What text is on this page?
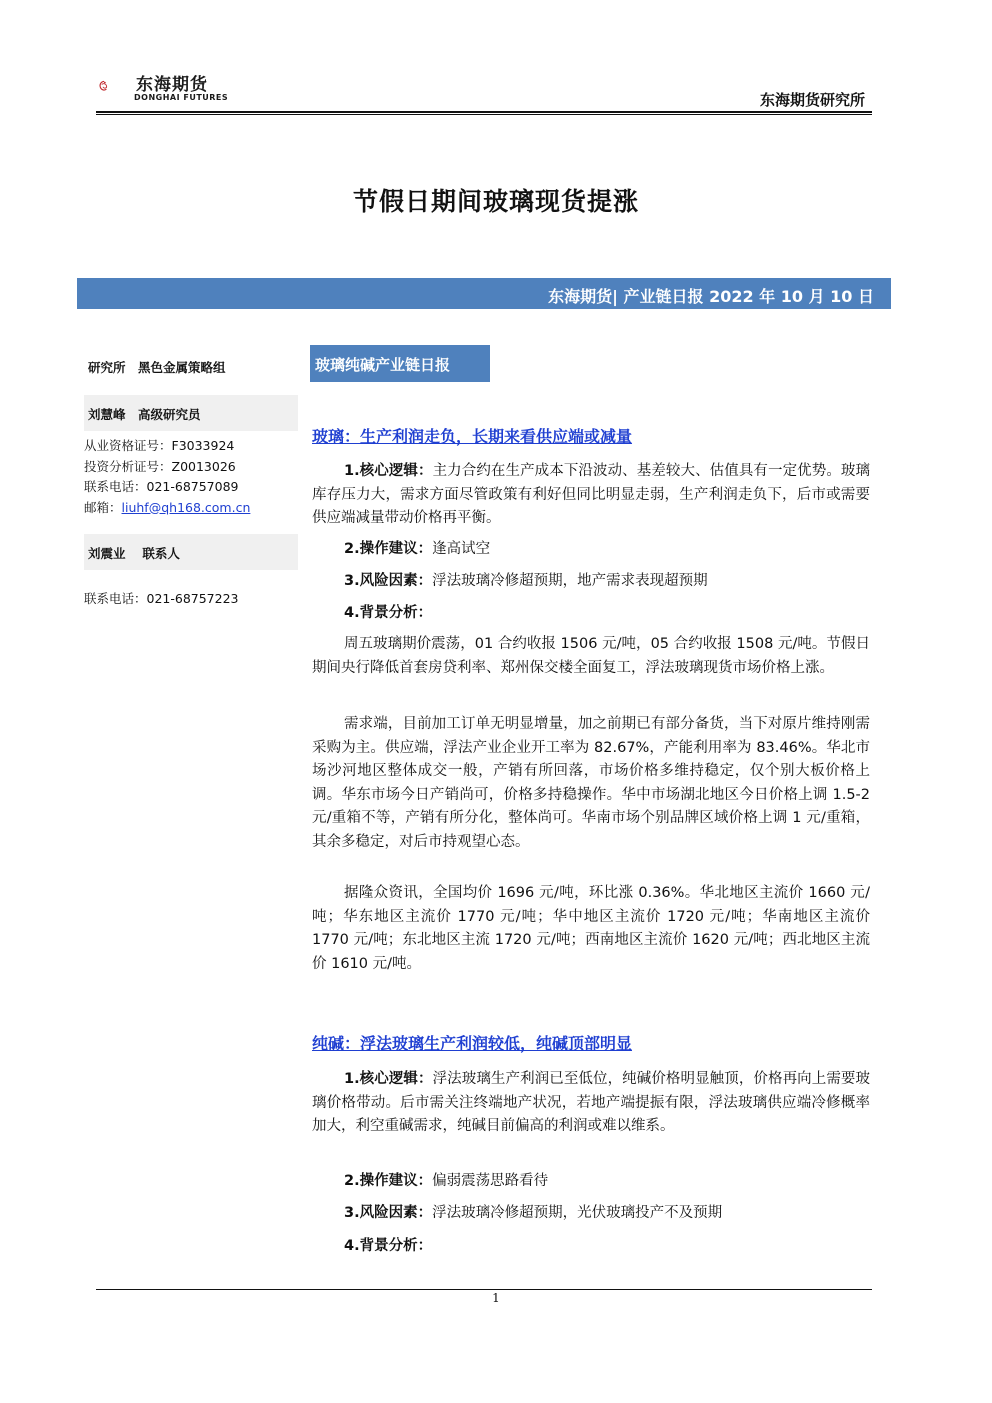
东海期货
DONGHAI FUTURES	东海期货研究所
节假日期间玻璃现货提涨
东海期货| 产业链日报 2022 年 10 月 10 日
研究所　黑色金属策略组
刘慧峰　高级研究员
从业资格证号：F3033924
投资分析证号：Z0013026
联系电话：021-68757089
邮箱：liuhf@qh168.com.cn
刘震业　 联系人
联系电话：021-68757223
玻璃纯碱产业链日报
玻璃：生产利润走负，长期来看供应端或减量
1.核心逻辑：主力合约在生产成本下沿波动、基差较大、估值具有一定优势。玻璃库存压力大，需求方面尽管政策有利好但同比明显走弱，生产利润走负下，后市或需要供应端减量带动价格再平衡。
2.操作建议：逢高试空
3.风险因素：浮法玻璃冷修超预期，地产需求表现超预期
4.背景分析：
周五玻璃期价震荡，01 合约收报 1506 元/吨，05 合约收报 1508 元/吨。节假日期间央行降低首套房贷利率、郑州保交楼全面复工，浮法玻璃现货市场价格上涨。
需求端，目前加工订单无明显增量，加之前期已有部分备货，当下对原片维持刚需采购为主。供应端，浮法产业企业开工率为 82.67%，产能利用率为 83.46%。华北市场沙河地区整体成交一般，产销有所回落，市场价格多维持稳定，仅个别大板价格上调。华东市场今日产销尚可，价格多持稳操作。华中市场湖北地区今日价格上调 1.5-2 元/重箱不等，产销有所分化，整体尚可。华南市场个别品牌区域价格上调 1 元/重箱，其余多稳定，对后市持观望心态。
据隆众资讯，全国均价 1696 元/吨，环比涨 0.36%。华北地区主流价 1660 元/吨；华东地区主流价 1770 元/吨；华中地区主流价 1720 元/吨；华南地区主流价 1770 元/吨；东北地区主流 1720 元/吨；西南地区主流价 1620 元/吨；西北地区主流价 1610 元/吨。
纯碱：浮法玻璃生产利润较低，纯碱顶部明显
1.核心逻辑：浮法玻璃生产利润已至低位，纯碱价格明显触顶，价格再向上需要玻璃价格带动。后市需关注终端地产状况，若地产端提振有限，浮法玻璃供应端冷修概率加大，利空重碱需求，纯碱目前偏高的利润或难以维系。
2.操作建议：偏弱震荡思路看待
3.风险因素：浮法玻璃冷修超预期，光伏玻璃投产不及预期
4.背景分析：
1
